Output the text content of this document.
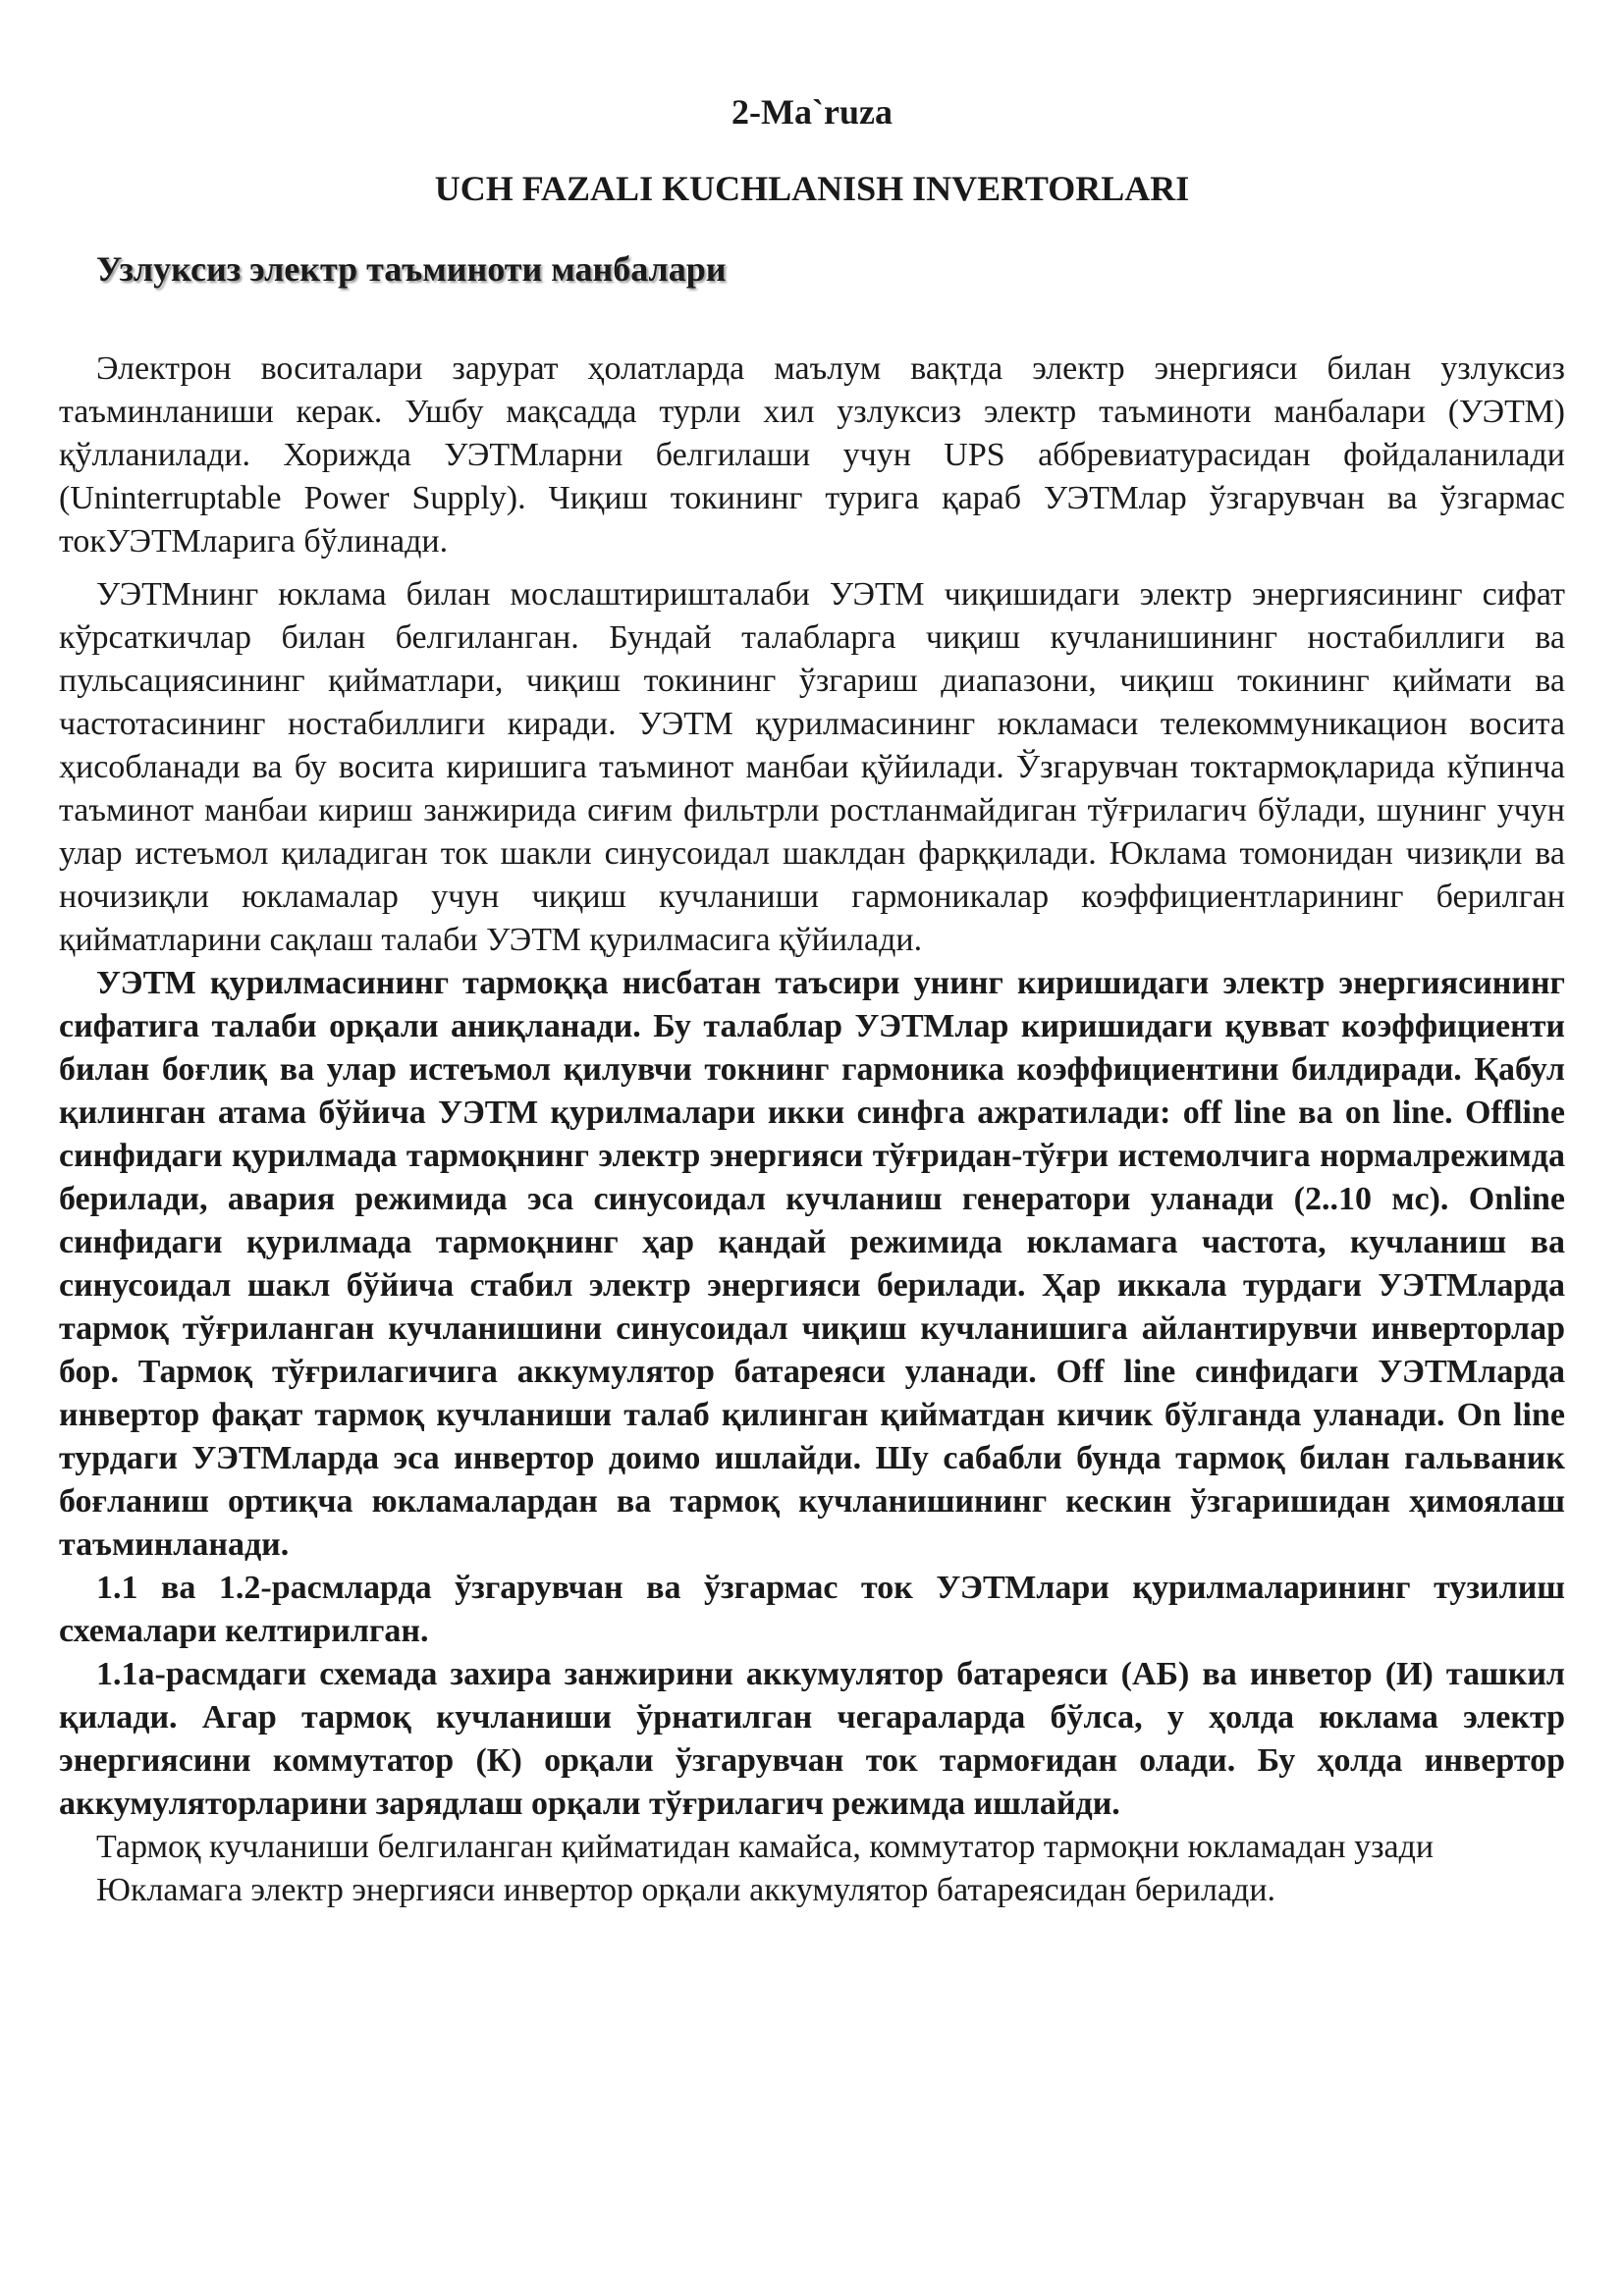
2-Ma`ruza
UCH FAZALI KUCHLANISH INVERTORLARI
Узлуксиз электр таъминоти манбалари

Электрон воситалари зарурат ҳолатларда маълум вақтда электр энергияси билан узлуксиз таъминланиши керак. Ушбу мақсадда турли хил узлуксиз электр таъминоти манбалари (УЭТМ) қўлланилади. Хорижда УЭТМларни белгилаши учун UPS аббревиатурасидан фойдаланилади (Uninterruptable Power Supply). Чиқиш токининг турига қараб УЭТМлар ўзгарувчан ва ўзгармас токУЭТМларига бўлинади.

УЭТМнинг юклама билан мослаштиришталаби УЭТМ чиқишидаги электр энергиясининг сифат кўрсаткичлар билан белгиланган. Бундай талабларга чиқиш кучланишининг ностабиллиги ва пульсациясининг қийматлари, чиқиш токининг ўзгариш диапазони, чиқиш токининг қиймати ва частотасининг ностабиллиги киради. УЭТМ қурилмасининг юкламаси телекоммуникацион восита ҳисобланади ва бу восита киришига таъминот манбаи қўйилади. Ўзгарувчан токтармоқларида кўпинча таъминот манбаи кириш занжирида сиғим фильтрли ростланмайдиган тўғрилагич бўлади, шунинг учун улар истеъмол қиладиган ток шакли синусоидал шаклдан фарққилади. Юклама томонидан чизиқли ва ночизиқли юкламалар учун чиқиш кучланиши гармоникалар коэффициентларининг берилган қийматларини сақлаш талаби УЭТМ қурилмасига қўйилади.

УЭТМ қурилмасининг тармоққа нисбатан таъсири унинг киришидаги электр энергиясининг сифатига талаби орқали аниқланади. Бу талаблар УЭТМлар киришидаги қувват коэффициенти билан боғлиқ ва улар истеъмол қилувчи токнинг гармоника коэффициентини билдиради. Қабул қилинган атама бўйича УЭТМ қурилмалари икки синфга ажратилади: off line ва on line. Offline синфидаги қурилмада тармоқнинг электр энергияси тўғридан-тўғри истемолчига нормалрежимда берилади, авария режимида эса синусоидал кучланиш генератори уланади (2..10 мс). Online синфидаги қурилмада тармоқнинг ҳар қандай режимида юкламага частота, кучланиш ва синусоидал шакл бўйича стабил электр энергияси берилади. Ҳар иккала турдаги УЭТМларда тармоқ тўғриланган кучланишини синусоидал чиқиш кучланишига айлантирувчи инверторлар бор. Тармоқ тўғрилагичига аккумулятор батареяси уланади. Off line синфидаги УЭТМларда инвертор фақат тармоқ кучланиши талаб қилинган қийматдан кичик бўлганда уланади. On line турдаги УЭТМларда эса инвертор доимо ишлайди. Шу сабабли бунда тармоқ билан гальваник боғланиш ортиқча юкламалардан ва тармоқ кучланишининг кескин ўзгаришидан ҳимоялаш таъминланади.

1.1 ва 1.2-расмларда ўзгарувчан ва ўзгармас ток УЭТМлари қурилмаларининг тузилиш схемалари келтирилган.

1.1а-расмдаги схемада захира занжирини аккумулятор батареяси (АБ) ва инветор (И) ташкил қилади. Агар тармоқ кучланиши ўрнатилган чегараларда бўлса, у ҳолда юклама электр энергиясини коммутатор (К) орқали ўзгарувчан ток тармоғидан олади. Бу ҳолда инвертор аккумуляторларини зарядлаш орқали тўғрилагич режимда ишлайди.

Тармоқ кучланиши белгиланган қийматидан камайса, коммутатор тармоқни юкламадан узади

Юкламага электр энергияси инвертор орқали аккумулятор батареясидан берилади.
